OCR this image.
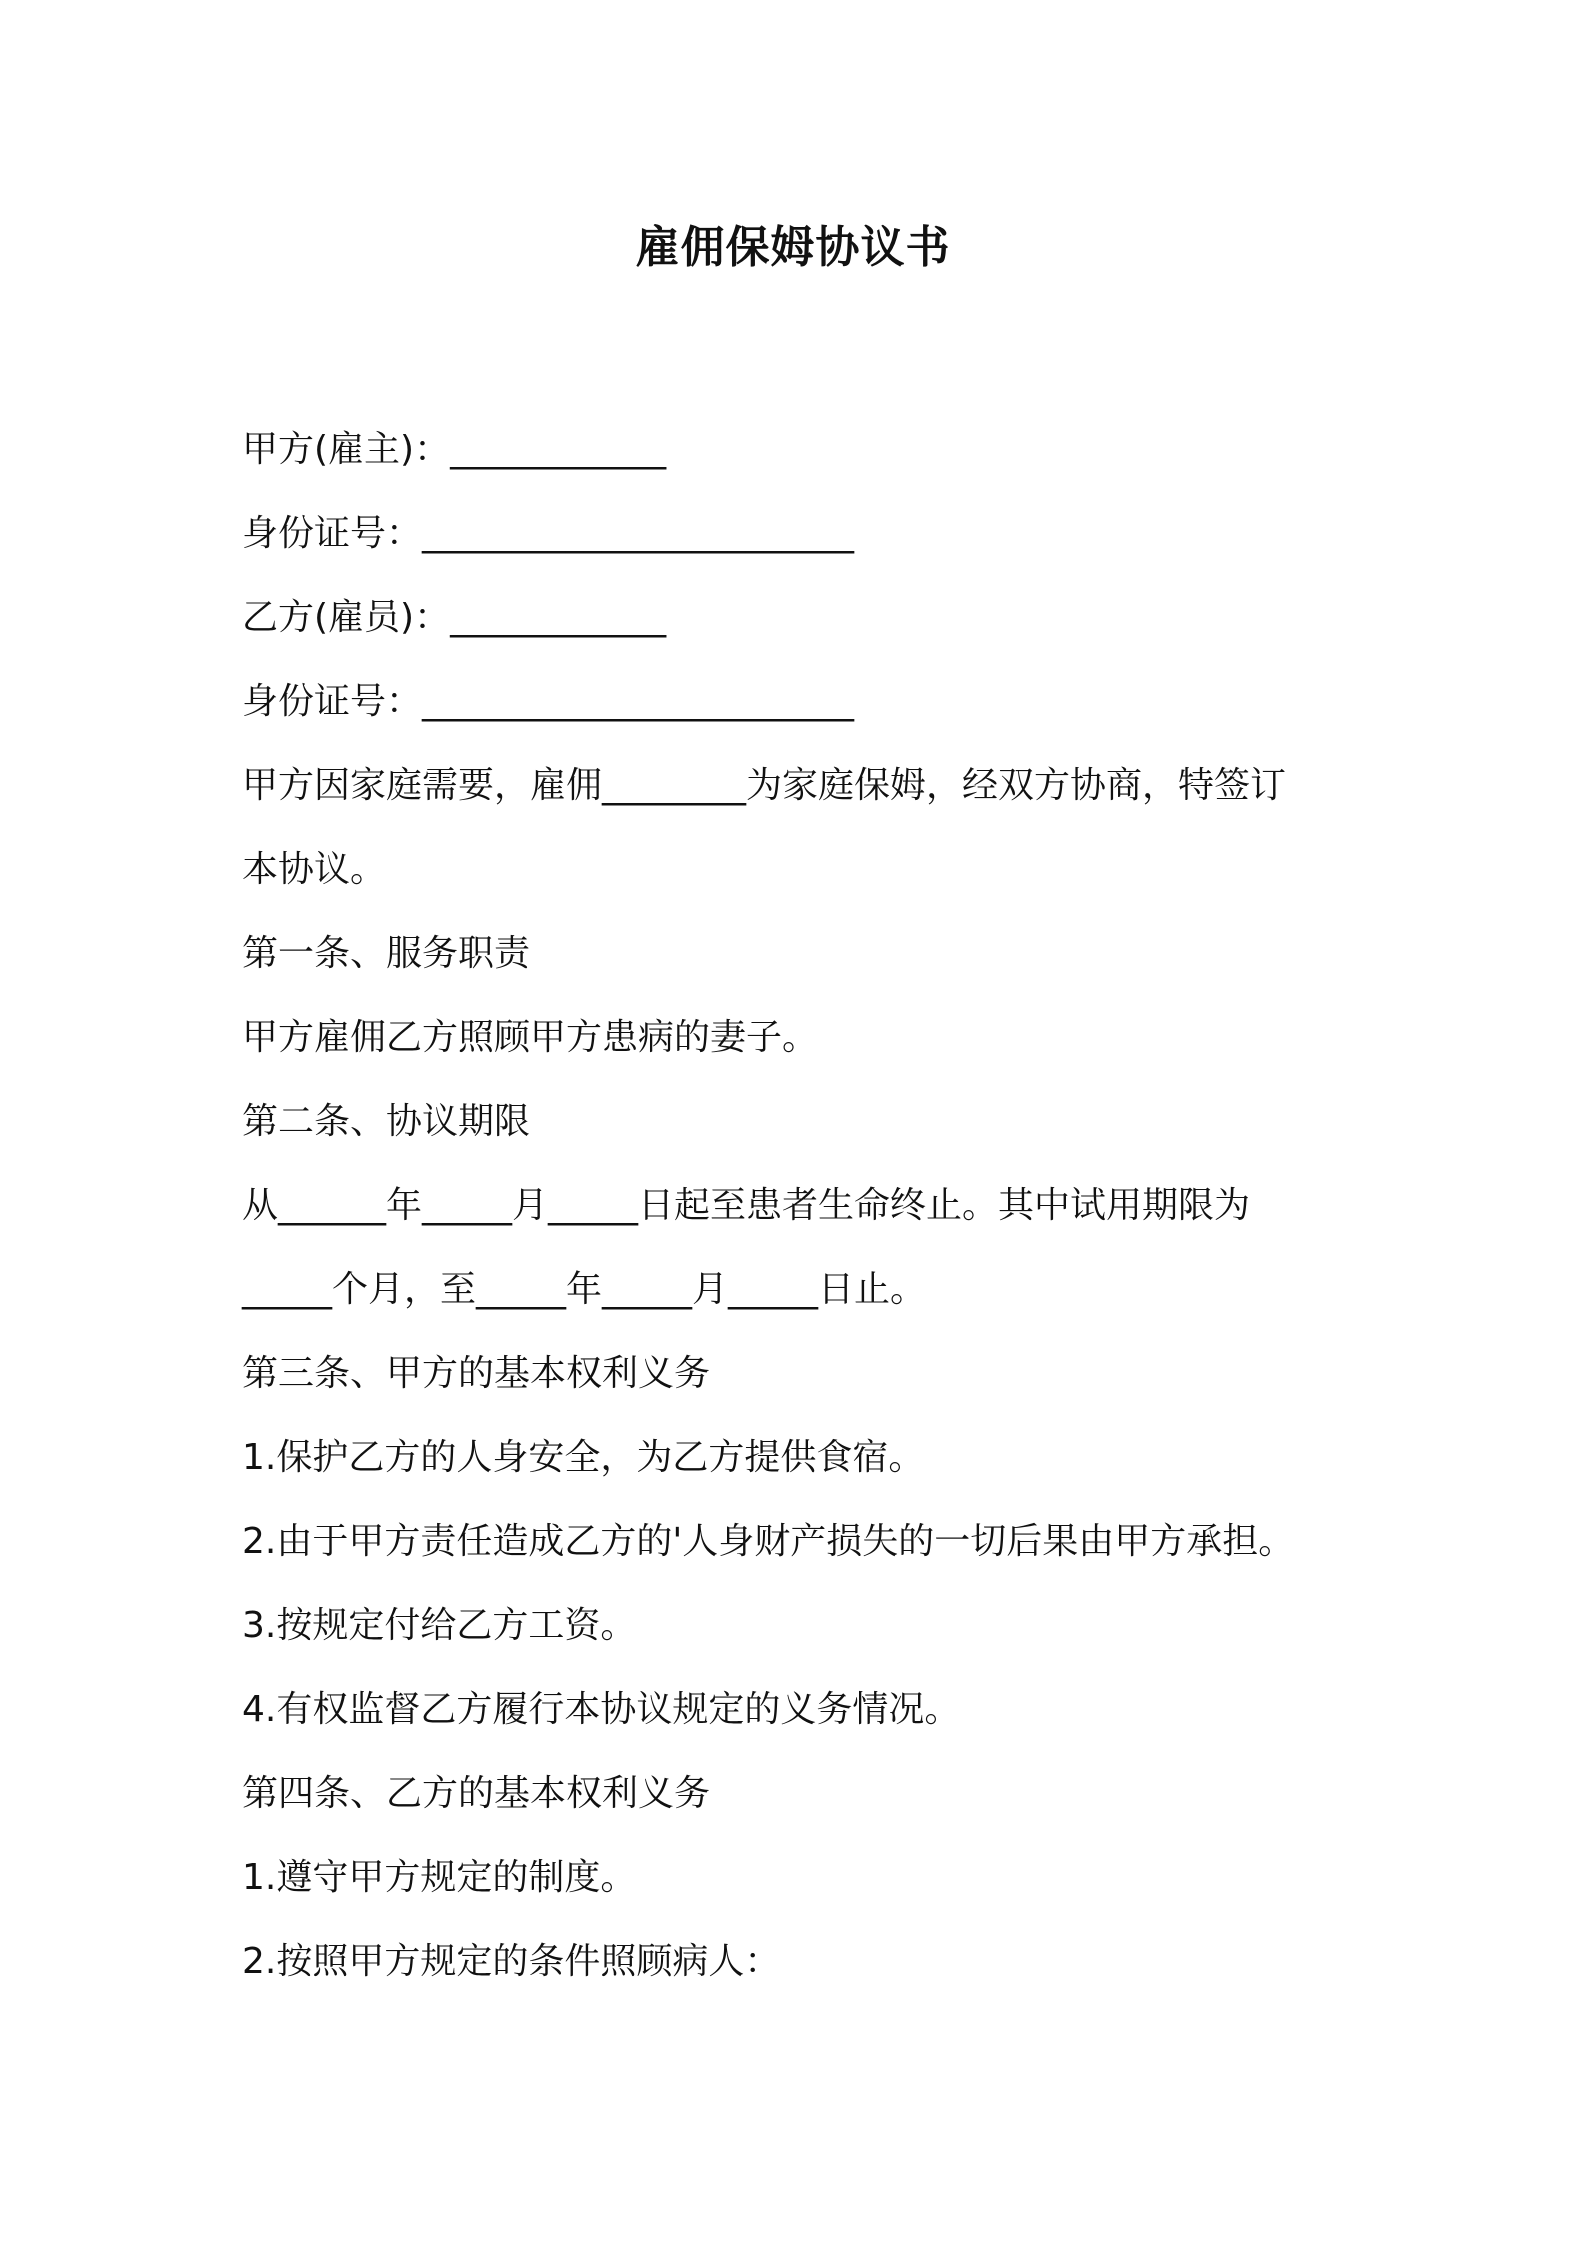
雇佣保姆协议书
甲方(雇主)：____________
身份证号：________________________
乙方(雇员)：____________
身份证号：________________________
甲方因家庭需要，雇佣________为家庭保姆，经双方协商，特签订
本协议。
第一条、服务职责
甲方雇佣乙方照顾甲方患病的妻子。
第二条、协议期限
从______年_____月_____日起至患者生命终止。其中试用期限为
_____个月，至_____年_____月_____日止。
第三条、甲方的基本权利义务
1.保护乙方的人身安全，为乙方提供食宿。
2.由于甲方责任造成乙方的'人身财产损失的一切后果由甲方承担。
3.按规定付给乙方工资。
4.有权监督乙方履行本协议规定的义务情况。
第四条、乙方的基本权利义务
1.遵守甲方规定的制度。
2.按照甲方规定的条件照顾病人：
